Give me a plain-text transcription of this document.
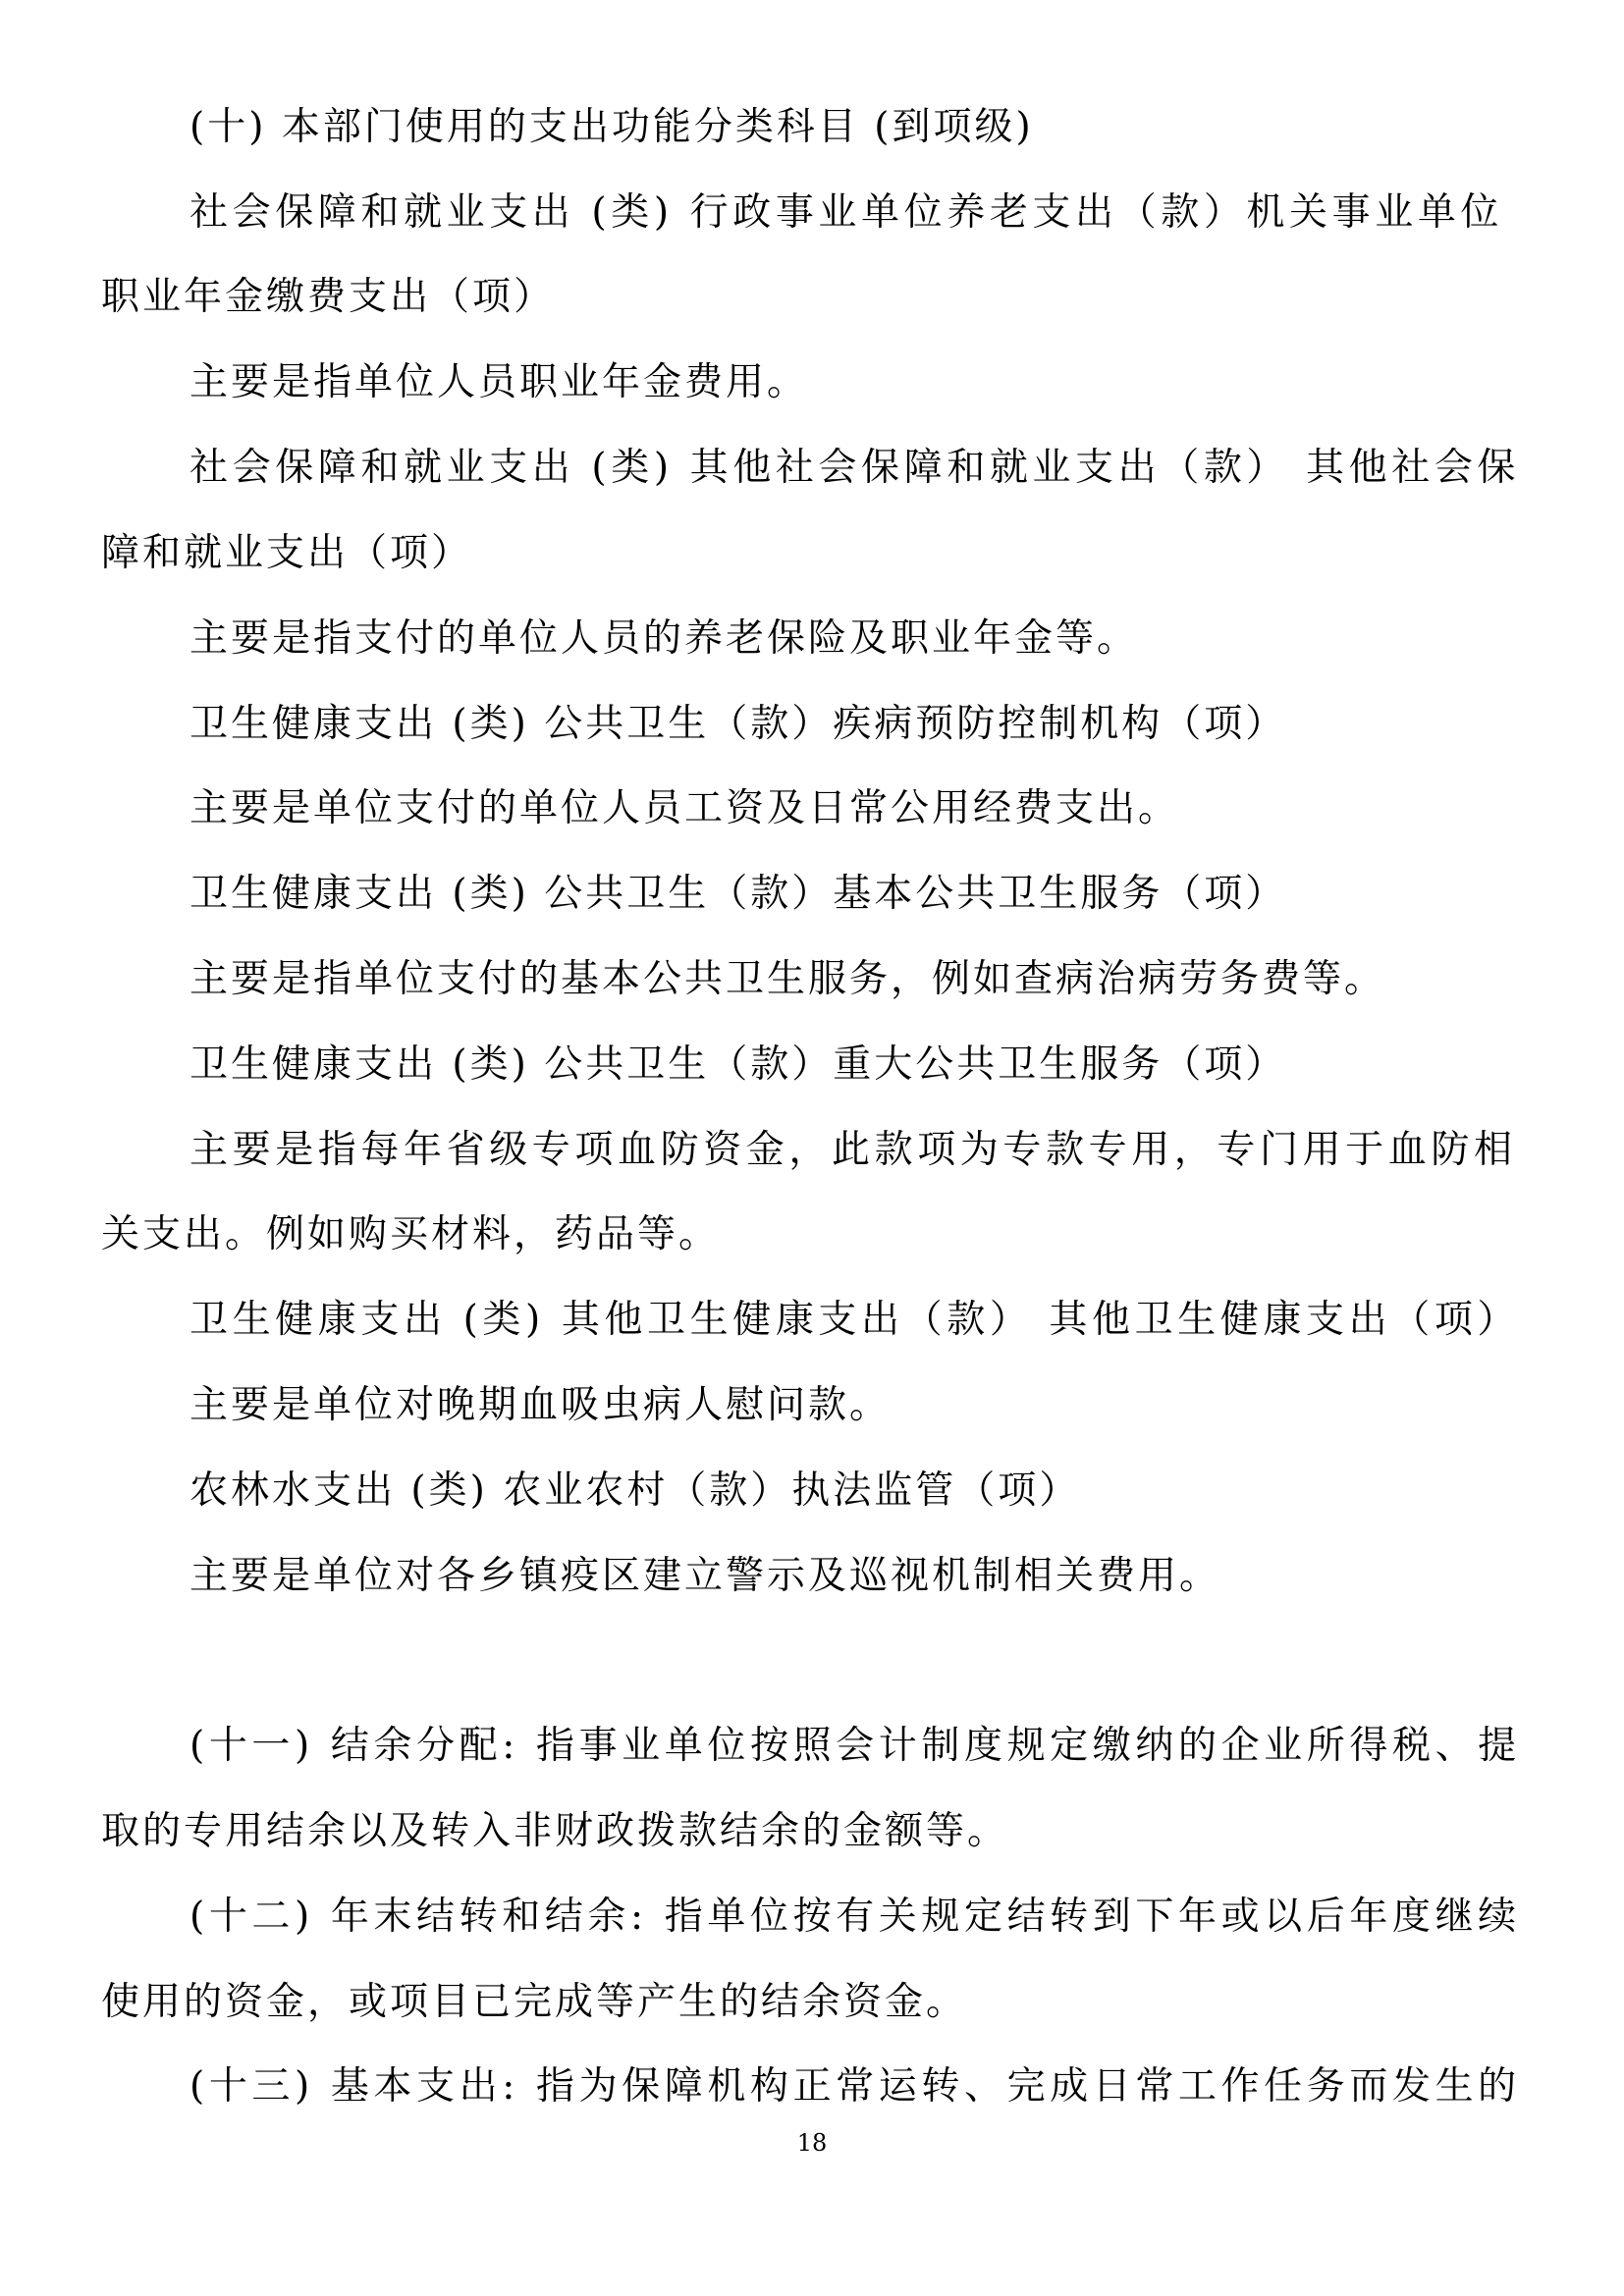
(十) 本部门使用的支出功能分类科目 (到项级)
社会保障和就业支出 (类) 行政事业单位养老支出（款）机关事业单位
职业年金缴费支出（项）
主要是指单位人员职业年金费用。
社会保障和就业支出 (类) 其他社会保障和就业支出（款） 其他社会保
障和就业支出（项）
主要是指支付的单位人员的养老保险及职业年金等。
卫生健康支出 (类) 公共卫生（款）疾病预防控制机构（项）
主要是单位支付的单位人员工资及日常公用经费支出。
卫生健康支出 (类) 公共卫生（款）基本公共卫生服务（项）
主要是指单位支付的基本公共卫生服务，例如查病治病劳务费等。
卫生健康支出 (类) 公共卫生（款）重大公共卫生服务（项）
主要是指每年省级专项血防资金，此款项为专款专用，专门用于血防相
关支出。例如购买材料，药品等。
卫生健康支出 (类) 其他卫生健康支出（款） 其他卫生健康支出（项）
主要是单位对晚期血吸虫病人慰问款。
农林水支出 (类) 农业农村（款）执法监管（项）
主要是单位对各乡镇疫区建立警示及巡视机制相关费用。
(十一) 结余分配: 指事业单位按照会计制度规定缴纳的企业所得税、提
取的专用结余以及转入非财政拨款结余的金额等。
(十二) 年末结转和结余: 指单位按有关规定结转到下年或以后年度继续
使用的资金，或项目已完成等产生的结余资金。
(十三) 基本支出: 指为保障机构正常运转、完成日常工作任务而发生的
18
